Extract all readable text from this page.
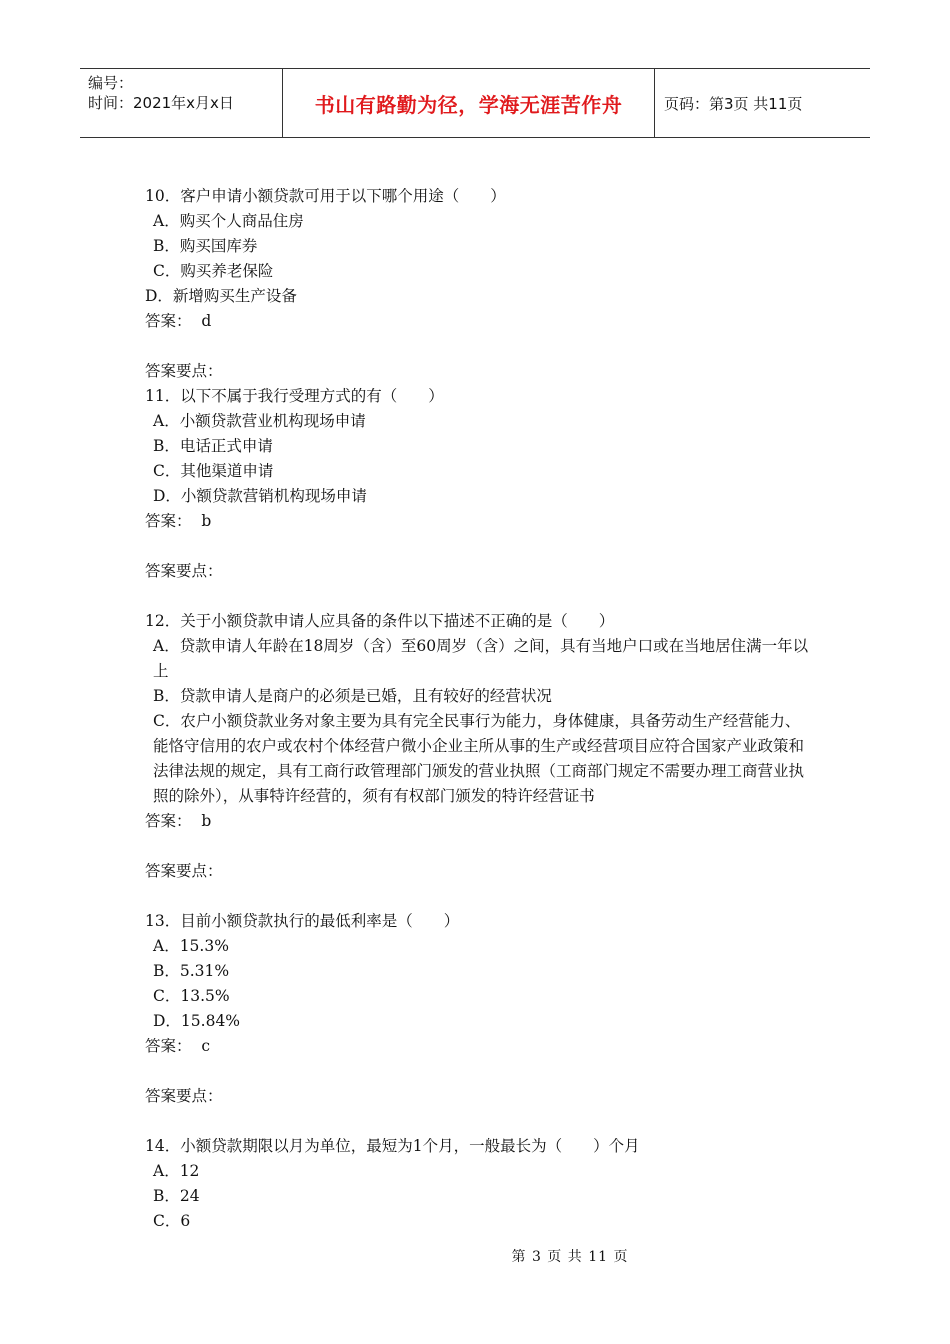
编号：
时间：2021年x月x日	书山有路勤为径，学海无涯苦作舟	页码：第3页 共11页
10．客户申请小额贷款可用于以下哪个用途（　　）
A．购买个人商品住房
B．购买国库券
C．购买养老保险
D．新增购买生产设备
答案：  d
答案要点：
11．以下不属于我行受理方式的有（　　）
A．小额贷款营业机构现场申请
B．电话正式申请
C．其他渠道申请
D．小额贷款营销机构现场申请
答案：  b
答案要点：
12．关于小额贷款申请人应具备的条件以下描述不正确的是（　　）
A．贷款申请人年龄在18周岁（含）至60周岁（含）之间，具有当地户口或在当地居住满一年以上
B．贷款申请人是商户的必须是已婚，且有较好的经营状况
C．农户小额贷款业务对象主要为具有完全民事行为能力，身体健康，具备劳动生产经营能力、能恪守信用的农户或农村个体经营户微小企业主所从事的生产或经营项目应符合国家产业政策和法律法规的规定，具有工商行政管理部门颁发的营业执照（工商部门规定不需要办理工商营业执照的除外），从事特许经营的，须有有权部门颁发的特许经营证书
答案：  b
答案要点：
13．目前小额贷款执行的最低利率是（　　）
A．15.3%
B．5.31%
C．13.5%
D．15.84%
答案：  c
答案要点：
14．小额贷款期限以月为单位，最短为1个月，一般最长为（　　）个月
A．12
B．24
C．6
第 3 页 共 11 页
